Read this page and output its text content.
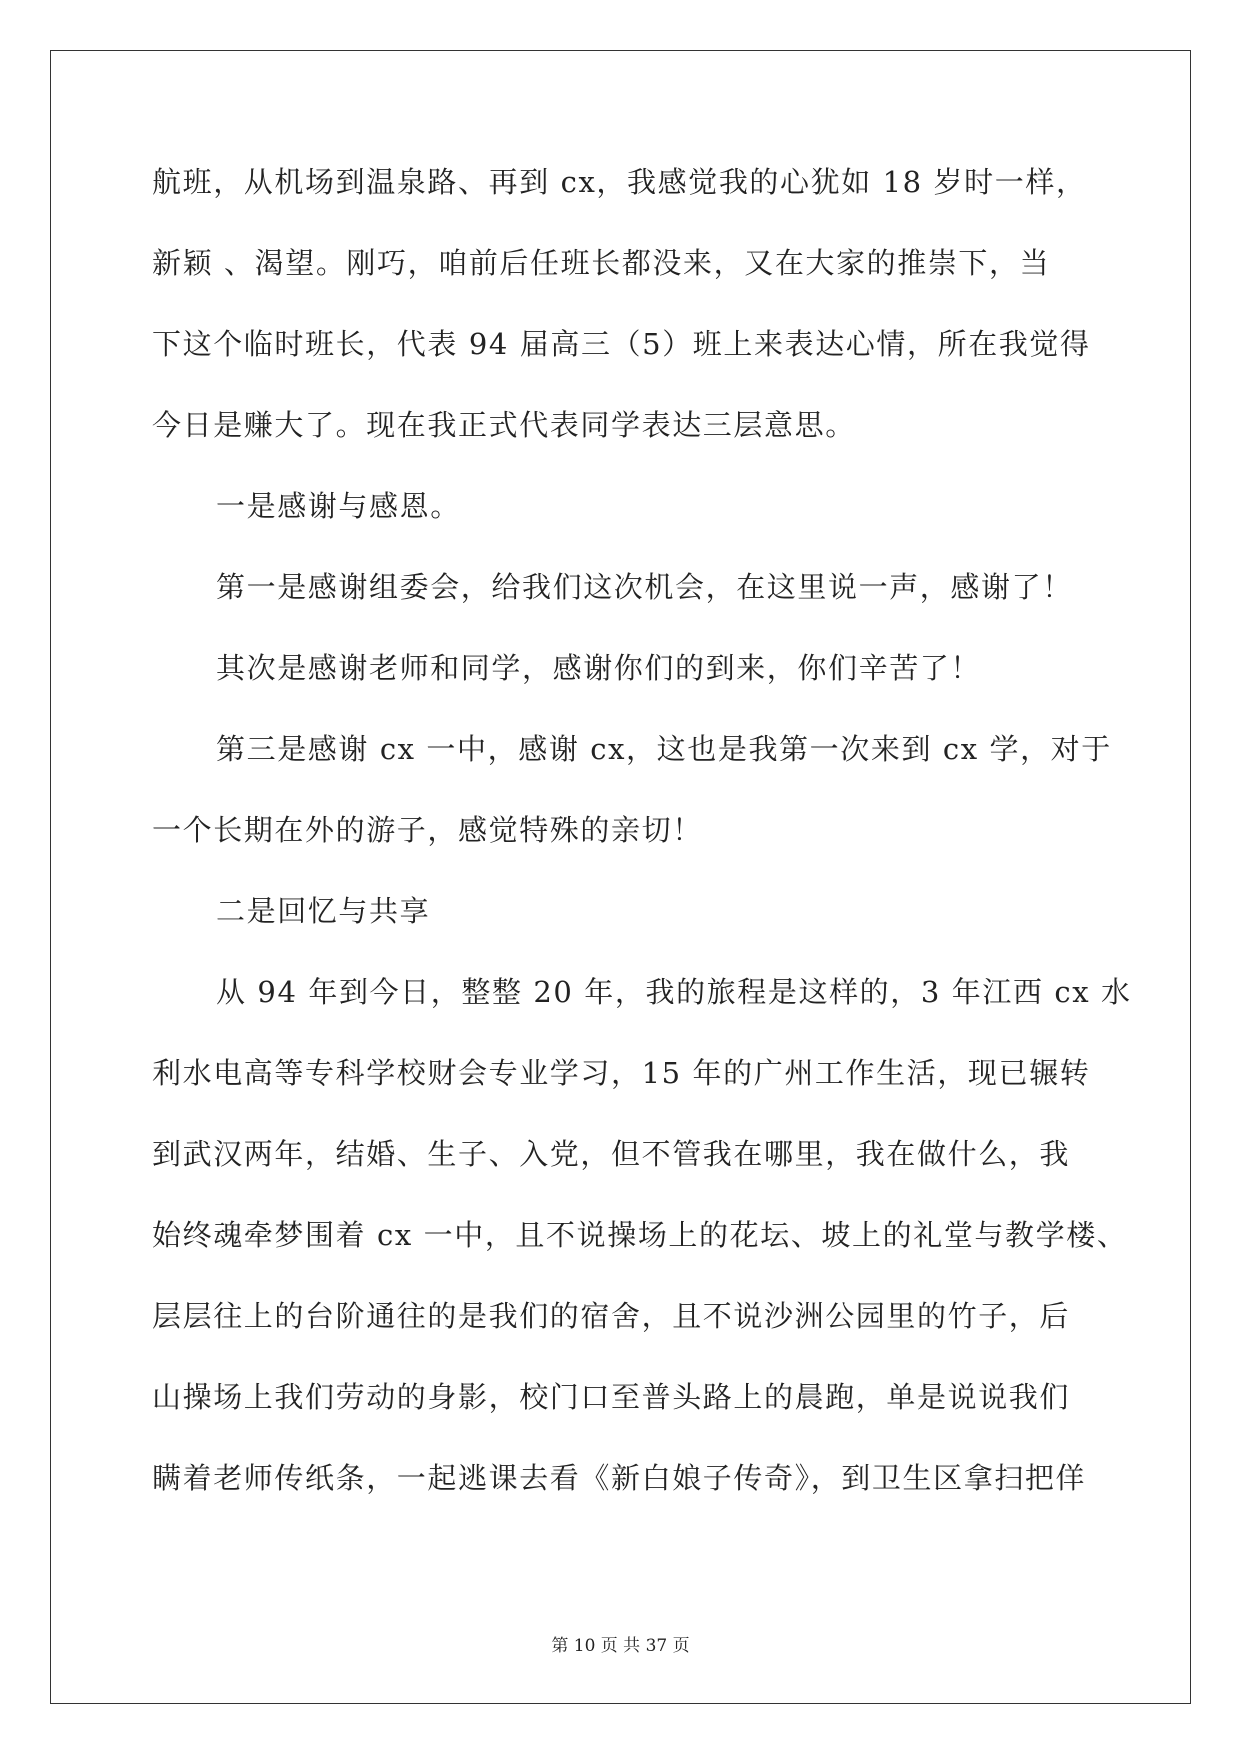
航班，从机场到温泉路、再到 cx，我感觉我的心犹如 18 岁时一样，
新颖 、渴望。刚巧，咱前后任班长都没来，又在大家的推崇下，当
下这个临时班长，代表 94 届高三（5）班上来表达心情，所在我觉得
今日是赚大了。现在我正式代表同学表达三层意思。
一是感谢与感恩。
第一是感谢组委会，给我们这次机会，在这里说一声，感谢了！
其次是感谢老师和同学，感谢你们的到来，你们辛苦了！
第三是感谢 cx 一中，感谢 cx，这也是我第一次来到 cx 学，对于
一个长期在外的游子，感觉特殊的亲切！
二是回忆与共享
从 94 年到今日，整整 20 年，我的旅程是这样的，3 年江西 cx 水
利水电高等专科学校财会专业学习，15 年的广州工作生活，现已辗转
到武汉两年，结婚、生子、入党，但不管我在哪里，我在做什么，我
始终魂牵梦围着 cx 一中，且不说操场上的花坛、坡上的礼堂与教学楼、
层层往上的台阶通往的是我们的宿舍，且不说沙洲公园里的竹子，后
山操场上我们劳动的身影，校门口至普头路上的晨跑，单是说说我们
瞒着老师传纸条，一起逃课去看《新白娘子传奇》，到卫生区拿扫把佯
第 10 页 共 37 页
